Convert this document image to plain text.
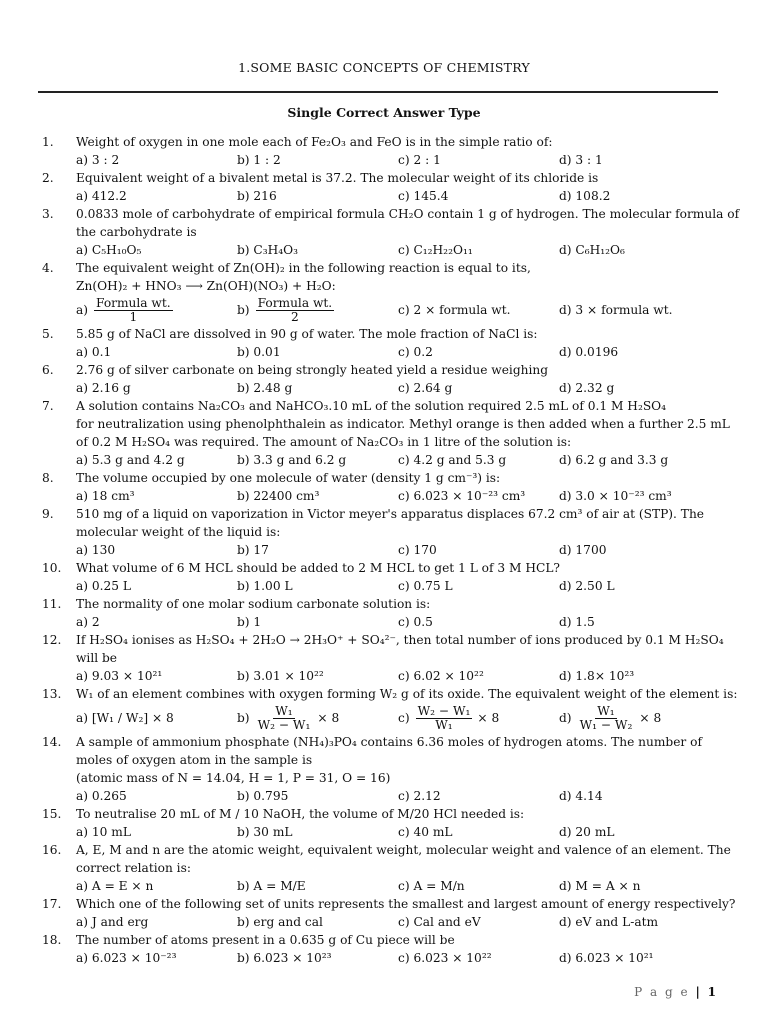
1.SOME BASIC CONCEPTS OF CHEMISTRY
Single Correct Answer Type
1.	Weight of oxygen in one mole each of Fe₂O₃ and FeO is in the simple ratio of:
a) 3 : 2	b) 1 : 2	c) 2 : 1	d) 3 : 1
2.	Equivalent weight of a bivalent metal is 37.2. The molecular weight of its chloride is
a) 412.2	b) 216	c) 145.4	d) 108.2
3.	0.0833 mole of carbohydrate of empirical formula CH₂O contain 1 g of hydrogen. The molecular formula of
the carbohydrate is
a) C₅H₁₀O₅	b) C₃H₄O₃	c) C₁₂H₂₂O₁₁	d) C₆H₁₂O₆
4.	The equivalent weight of Zn(OH)₂ in the following reaction is equal to its,
Zn(OH)₂ + HNO₃ ⟶ Zn(OH)(NO₃) + H₂O:
$a) \frac{\text{Formula wt.}}{1}$	$b) \frac{\text{Formula wt.}}{2}$	c) 2 × formula wt.	d) 3 × formula wt.
5.	5.85 g of NaCl are dissolved in 90 g of water. The mole fraction of NaCl is:
a) 0.1	b) 0.01	c) 0.2	d) 0.0196
6.	2.76 g of silver carbonate on being strongly heated yield a residue weighing
a) 2.16 g	b) 2.48 g	c) 2.64 g	d) 2.32 g
7.	A solution contains Na₂CO₃ and NaHCO₃.10 mL of the solution required 2.5 mL of 0.1 M H₂SO₄
for neutralization using phenolphthalein as indicator. Methyl orange is then added when a further 2.5 mL
of 0.2 M H₂SO₄ was required. The amount of Na₂CO₃ in 1 litre of the solution is:
a) 5.3 g and 4.2 g	b) 3.3 g and 6.2 g	c) 4.2 g and 5.3 g	d) 6.2 g and 3.3 g
8.	The volume occupied by one molecule of water (density 1 g cm⁻³) is:
a) 18 cm³	b) 22400 cm³	c) 6.023 × 10⁻²³ cm³	d) 3.0 × 10⁻²³ cm³
9.	510 mg of a liquid on vaporization in Victor meyer's apparatus displaces 67.2 cm³ of air at (STP). The
molecular weight of the liquid is:
a) 130	b) 17	c) 170	d) 1700
10.	What volume of 6 M HCL should be added to 2 M HCL to get 1 L of 3 M HCL?
a) 0.25 L	b) 1.00 L	c) 0.75 L	d) 2.50 L
11.	The normality of one molar sodium carbonate solution is:
a) 2	b) 1	c) 0.5	d) 1.5
12.	If H₂SO₄ ionises as H₂SO₄ + 2H₂O → 2H₃O⁺ + SO₄²⁻, then total number of ions produced by 0.1 M H₂SO₄
will be
a) 9.03 × 10²¹	b) 3.01 × 10²²	c) 6.02 × 10²²	d) 1.8× 10²³
13.	W₁ of an element combines with oxygen forming W₂ g of its oxide. The equivalent weight of the element is:
a) [W₁ / W₂] × 8	$b) \frac{\text{W₁}}{\text{W₂ − W₁}} \times 8$	$c) \frac{\text{W₂ − W₁}}{\text{W₁}} \times 8$	$d) \frac{\text{W₁}}{\text{W₁ − W₂}} \times 8$
14.	A sample of ammonium phosphate (NH₄)₃PO₄ contains 6.36 moles of hydrogen atoms. The number of
moles of oxygen atom in the sample is
(atomic mass of N = 14.04, H = 1, P = 31, O = 16)
a) 0.265	b) 0.795	c) 2.12	d) 4.14
15.	To neutralise 20 mL of M / 10 NaOH, the volume of M/20 HCl needed is:
a) 10 mL	b) 30 mL	c) 40 mL	d) 20 mL
16.	A, E, M and n are the atomic weight, equivalent weight, molecular weight and valence of an element. The
correct relation is:
a) A = E × n	b) A = M/E	c) A = M/n	d) M = A × n
17.	Which one of the following set of units represents the smallest and largest amount of energy respectively?
a) J and erg	b) erg and cal	c) Cal and eV	d) eV and L-atm
18.	The number of atoms present in a 0.635 g of Cu piece will be
a) 6.023 × 10⁻²³	b) 6.023 × 10²³	c) 6.023 × 10²²	d) 6.023 × 10²¹
P a g e | 1
